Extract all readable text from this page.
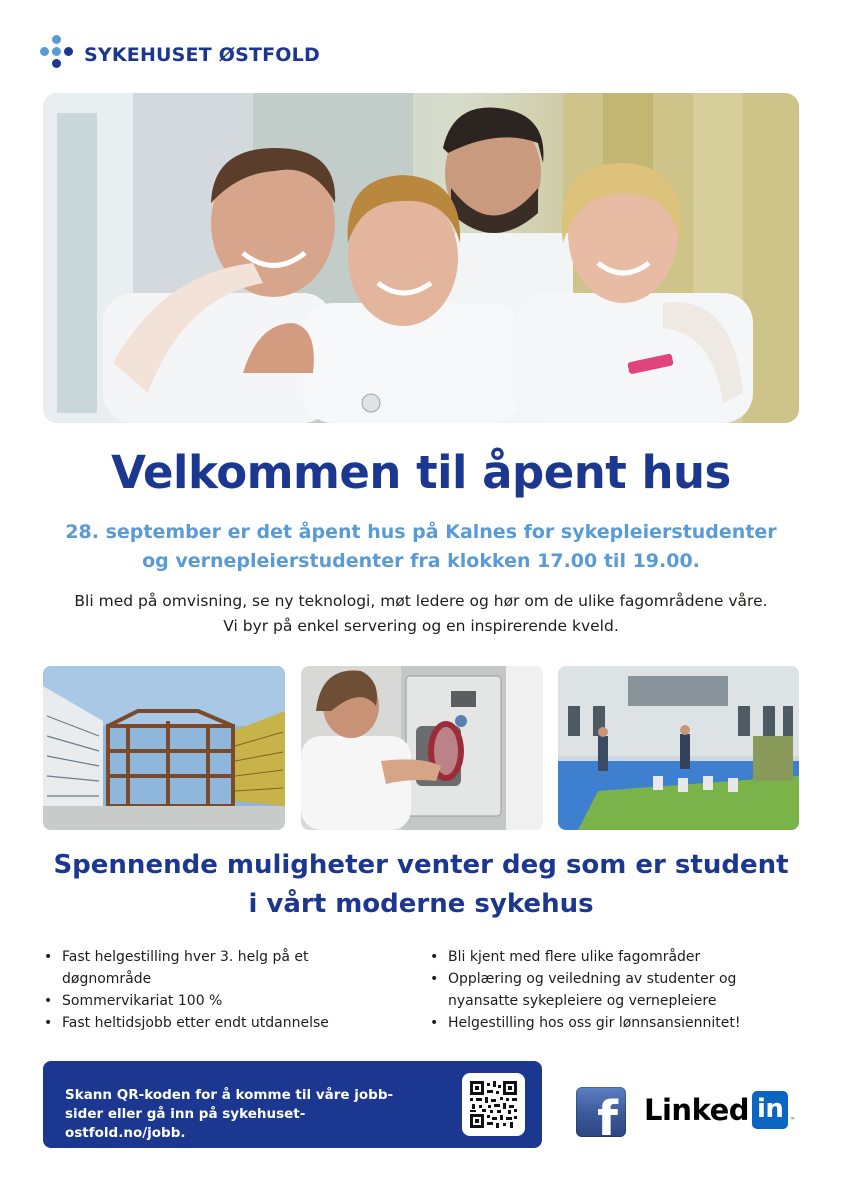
SYKEHUSET ØSTFOLD
Velkommen til åpent hus
28. september er det åpent hus på Kalnes for sykepleierstudenter
og vernepleierstudenter fra klokken 17.00 til 19.00.
Bli med på omvisning, se ny teknologi, møt ledere og hør om de ulike fagområdene våre.
Vi byr på enkel servering og en inspirerende kveld.
Spennende muligheter venter deg som er student
i vårt moderne sykehus
• Fast helgestilling hver 3. helg på et
døgnområde
• Sommervikariat 100 %
• Fast heltidsjobb etter endt utdannelse
• Bli kjent med flere ulike fagområder
• Opplæring og veiledning av studenter og
nyansatte sykepleiere og vernepleiere
• Helgestilling hos oss gir lønnsansiennitet!
Skann QR-koden for å komme til våre jobb-
sider eller gå inn på sykehuset-ostfold.no/jobb.	f Linked in	™
